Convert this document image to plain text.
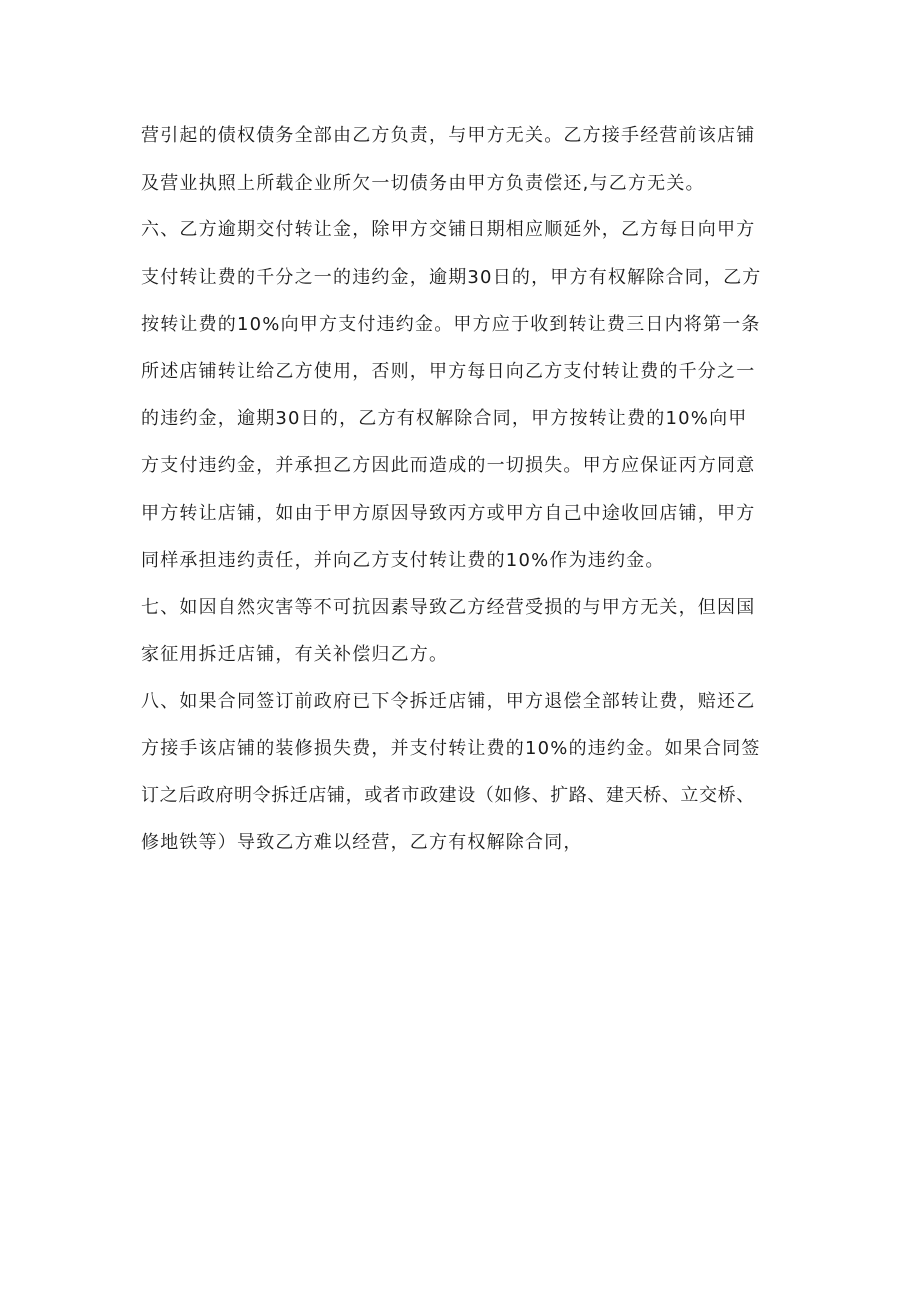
营引起的债权债务全部由乙方负责，与甲方无关。乙方接手经营前该店铺

及营业执照上所载企业所欠一切债务由甲方负责偿还,与乙方无关。

六、乙方逾期交付转让金，除甲方交铺日期相应顺延外，乙方每日向甲方

支付转让费的千分之一的违约金，逾期30日的，甲方有权解除合同，乙方

按转让费的10%向甲方支付违约金。甲方应于收到转让费三日内将第一条

所述店铺转让给乙方使用，否则，甲方每日向乙方支付转让费的千分之一

的违约金，逾期30日的，乙方有权解除合同，甲方按转让费的10%向甲

方支付违约金，并承担乙方因此而造成的一切损失。甲方应保证丙方同意

甲方转让店铺，如由于甲方原因导致丙方或甲方自己中途收回店铺，甲方

同样承担违约责任，并向乙方支付转让费的10%作为违约金。

七、如因自然灾害等不可抗因素导致乙方经营受损的与甲方无关，但因国

家征用拆迁店铺，有关补偿归乙方。

八、如果合同签订前政府已下令拆迁店铺，甲方退偿全部转让费，赔还乙

方接手该店铺的装修损失费，并支付转让费的10%的违约金。如果合同签

订之后政府明令拆迁店铺，或者市政建设（如修、扩路、建天桥、立交桥、

修地铁等）导致乙方难以经营，乙方有权解除合同，
